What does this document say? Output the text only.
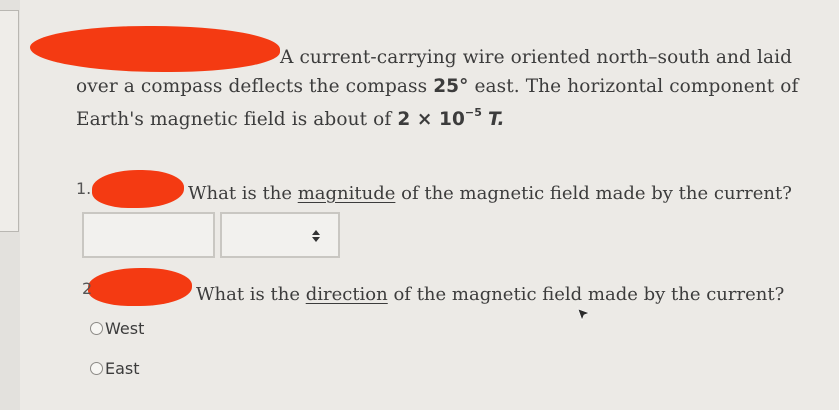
A current-carrying wire oriented north–south and laid
over a compass deflects the compass 25° east. The horizontal component of
Earth's magnetic field is about of $2 \times 10^{-5}$ T.
1.	What is the magnitude of the magnetic field made by the current?
2	What is the direction of the magnetic field made by the current?
West
East
